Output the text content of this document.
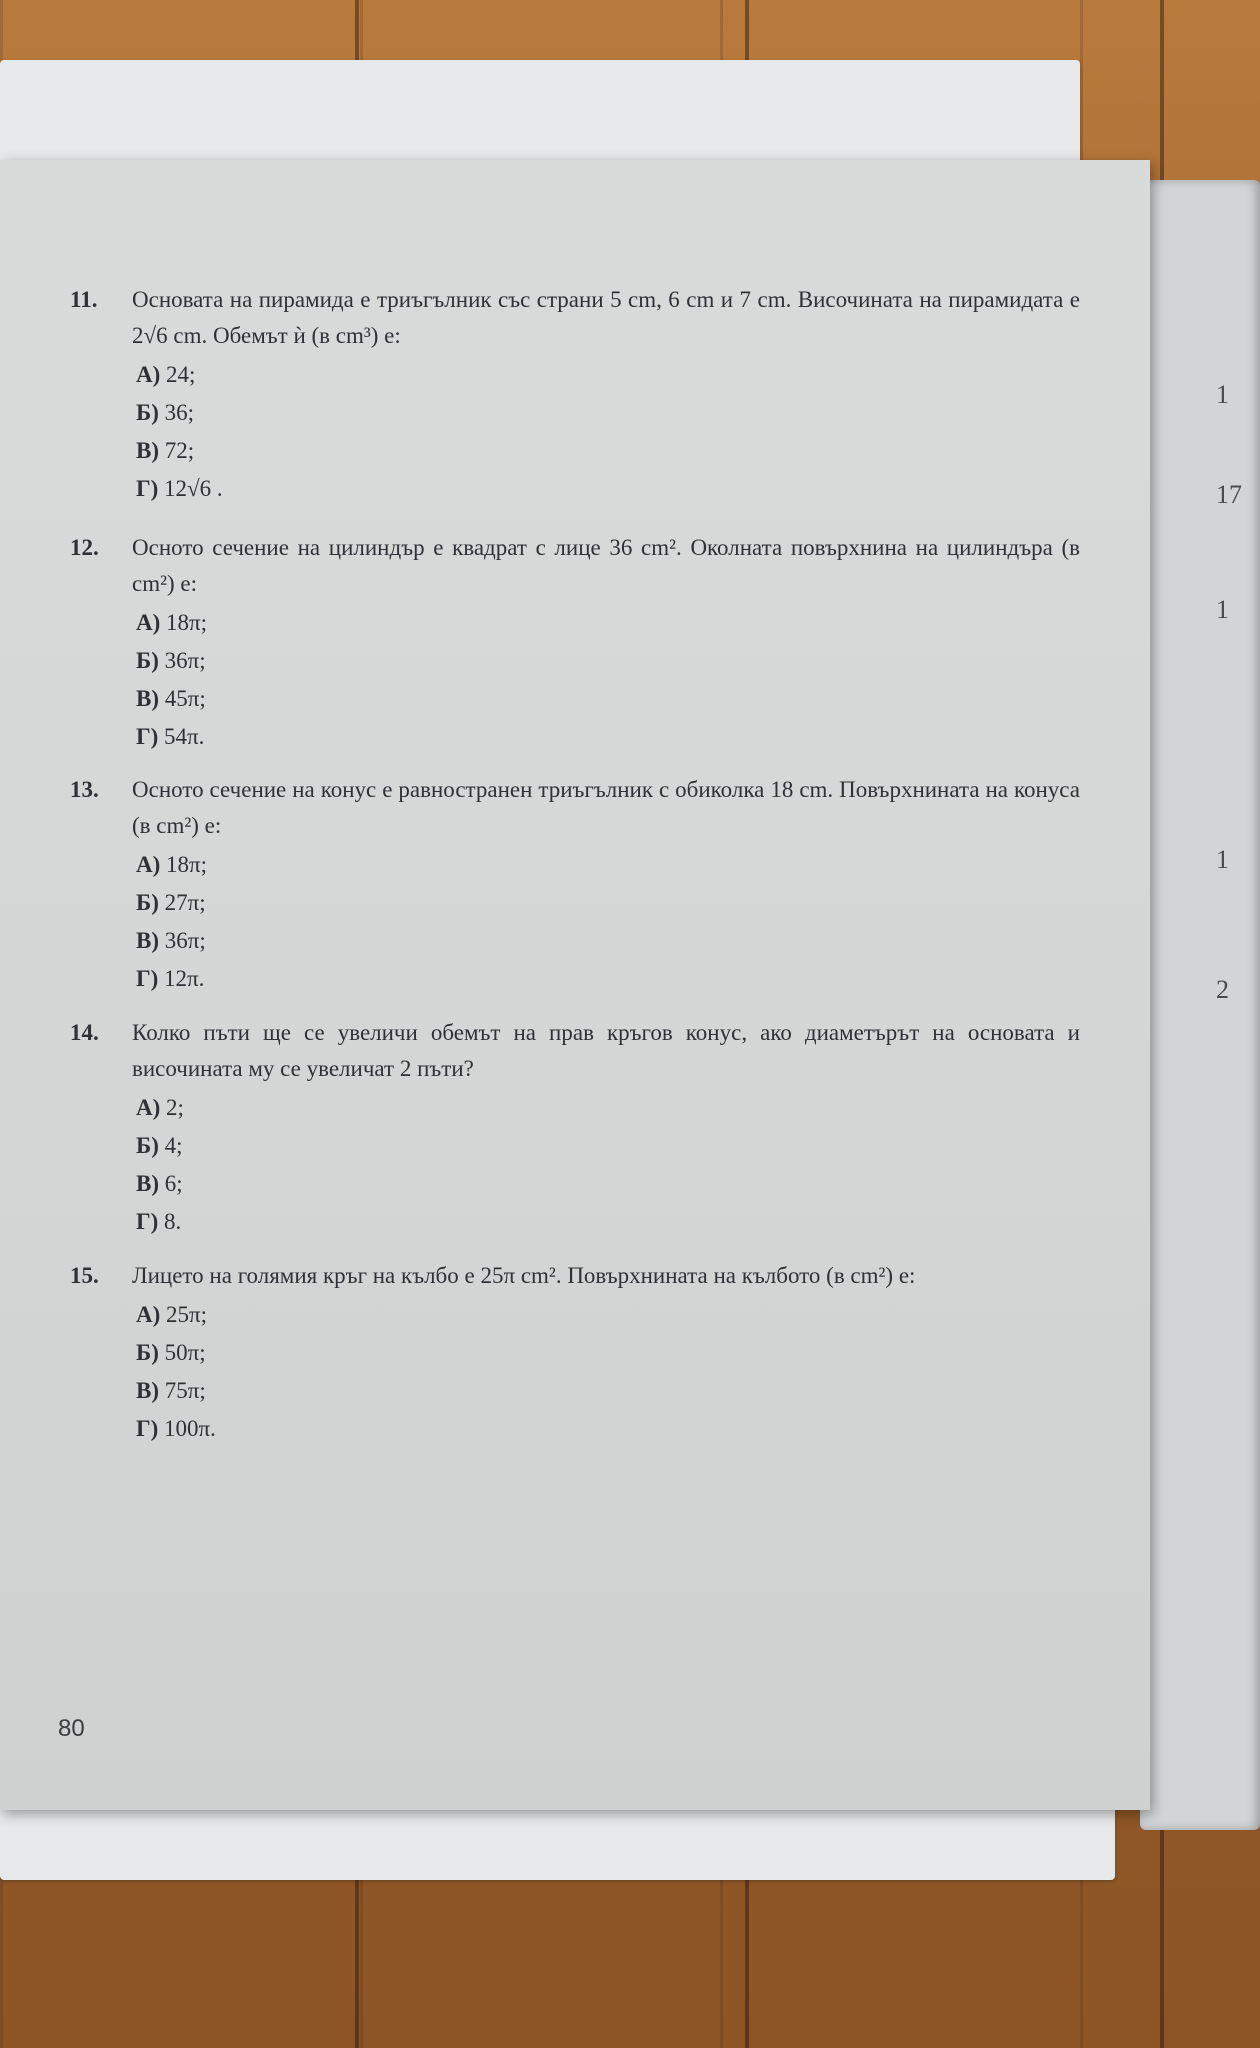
1
17
1
1
2
11.	Основата на пирамида е триъгълник със страни 5 cm, 6 cm и 7 cm. Височината на пирамидата е 2√6 cm. Обемът ѝ (в cm³) е:
А) 24;
Б) 36;
В) 72;
Г) 12√6 .
12.	Осното сечение на цилиндър е квадрат с лице 36 cm². Околната повърхнина на цилиндъра (в cm²) е:
А) 18π;
Б) 36π;
В) 45π;
Г) 54π.
13.	Осното сечение на конус е равностранен триъгълник с обиколка 18 cm. Повърхнината на конуса (в cm²) е:
А) 18π;
Б) 27π;
В) 36π;
Г) 12π.
14.	Колко пъти ще се увеличи обемът на прав кръгов конус, ако диаметърът на основата и височината му се увеличат 2 пъти?
А) 2;
Б) 4;
В) 6;
Г) 8.
15.	Лицето на голямия кръг на кълбо е 25π cm². Повърхнината на кълбото (в cm²) е:
А) 25π;
Б) 50π;
В) 75π;
Г) 100π.
80
